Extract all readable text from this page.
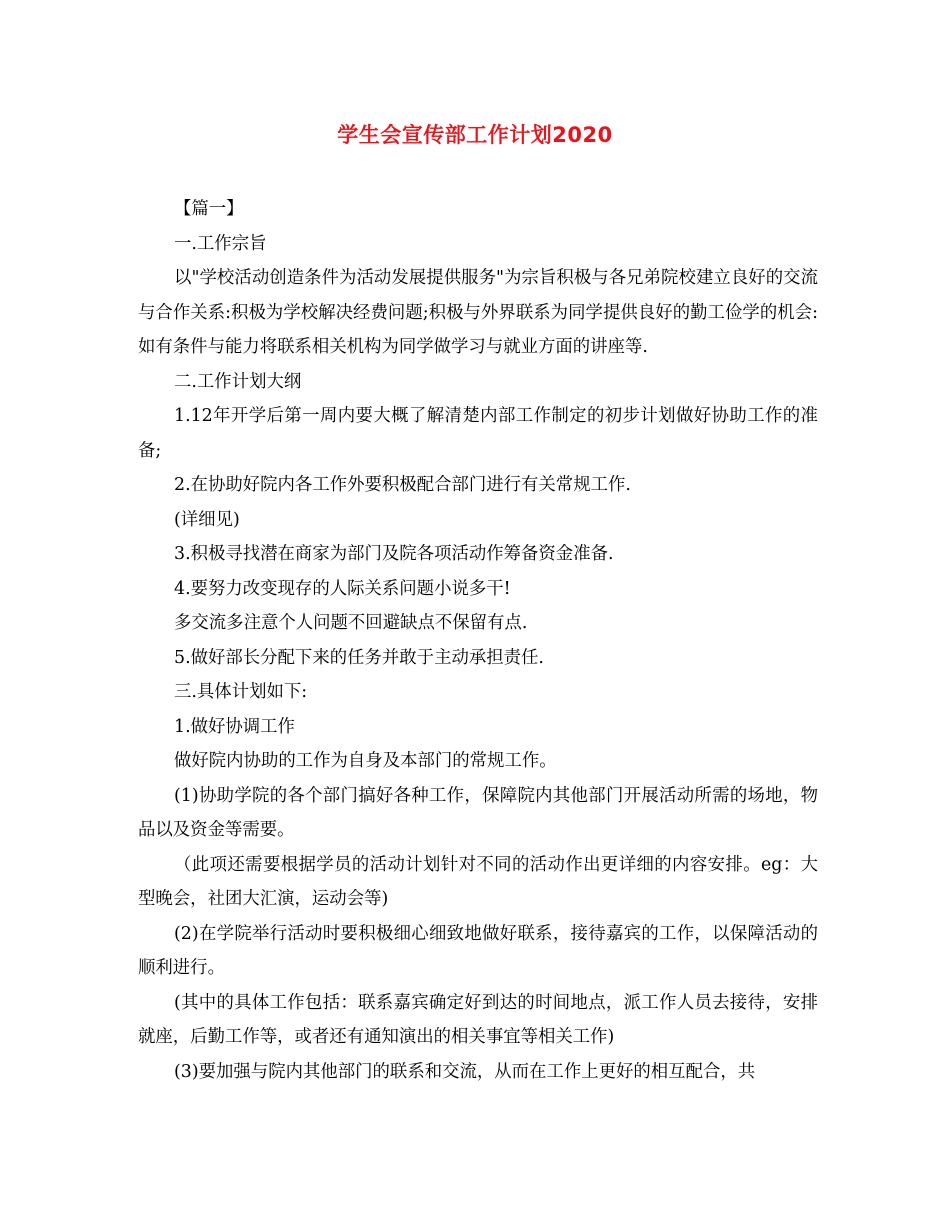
学生会宣传部工作计划2020

【篇一】

一.工作宗旨

以"学校活动创造条件为活动发展提供服务"为宗旨积极与各兄弟院校建立良好的交流与合作关系:积极为学校解决经费问题;积极与外界联系为同学提供良好的勤工俭学的机会:如有条件与能力将联系相关机构为同学做学习与就业方面的讲座等.

二.工作计划大纲

1.12年开学后第一周内要大概了解清楚内部工作制定的初步计划做好协助工作的准备;

2.在协助好院内各工作外要积极配合部门进行有关常规工作.

(详细见)

3.积极寻找潜在商家为部门及院各项活动作筹备资金准备.

4.要努力改变现存的人际关系问题小说多干!

多交流多注意个人问题不回避缺点不保留有点.

5.做好部长分配下来的任务并敢于主动承担责任.

三.具体计划如下:

1.做好协调工作

做好院内协助的工作为自身及本部门的常规工作。

(1)协助学院的各个部门搞好各种工作，保障院内其他部门开展活动所需的场地，物品以及资金等需要。

（此项还需要根据学员的活动计划针对不同的活动作出更详细的内容安排。eg：大型晚会，社团大汇演，运动会等)

(2)在学院举行活动时要积极细心细致地做好联系，接待嘉宾的工作，以保障活动的顺利进行。

(其中的具体工作包括：联系嘉宾确定好到达的时间地点，派工作人员去接待，安排就座，后勤工作等，或者还有通知演出的相关事宜等相关工作)

(3)要加强与院内其他部门的联系和交流，从而在工作上更好的相互配合，共
